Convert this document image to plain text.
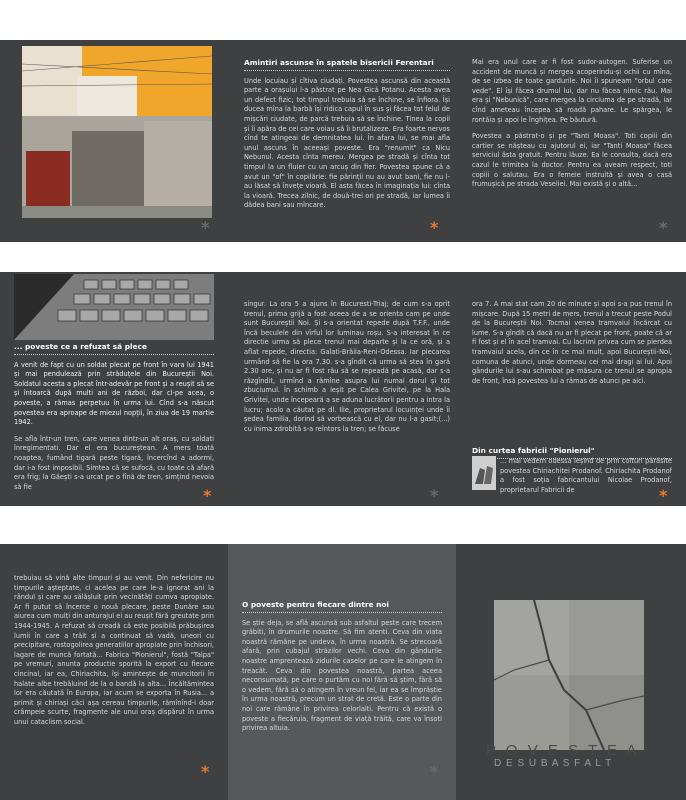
*
Amintiri ascunse în spatele bisericii Ferentari
Unde locuiau și cîtiva ciudați. Povestea ascunsă din această parte a orașului l-a păstrat pe Nea Gică Potanu. Acesta avea un defect fizic; tot timpul trebuia să se închine, se înfiora. Își ducea mîna la barbă își ridica capul în sus și făcea tot felul de mișcări ciudate, de parcă trebuia să se închine. Tinea la copii și îi apăra de cei care voiau să îi brutalizeze. Era foarte nervos cînd te atingeai de demnitatea lui. În afara lui, se mai afla unul ascuns în aceeași poveste. Era "renumit" ca Nicu Nebunul. Acesta cînta mereu. Mergea pe stradă și cînta tot timpul la un fluier cu un arcuș din fier. Povestea spune că a avut un "of" în copilărie: fie părinții nu au avut bani, fie nu l-au lăsat să învețe vioară. El asta făcea în imaginația lui: cînta la vioară. Trecea zilnic, de două-trei ori pe stradă, iar lumea îi dădea bani sau mîncare.
*

Mai era unul care ar fi fost sudor-autogen. Suferise un accident de muncă și mergea acoperindu-și ochii cu mîna, de se izbea de toate gardurile. Noi îi spuneam "orbul care vede". El își făcea drumul lui, dar nu făcea nimic rău. Mai era și "Nebunică", care mergea la circiuma de pe stradă, iar cînd ameteau începea să roadă pahare. Le spărgea, le rontăia și apoi le înghițea. Pe băutură.

Povestea a păstrat-o și pe "Tanti Moasa". Toti copiii din cartier se nășteau cu ajutorul ei, iar "Tanti Moasa" făcea serviciul ăsta gratuit. Pentru lăuze. Ea le consulta, dacă era cazul le trimitea la doctor. Pentru ea aveam respect, toti copiii o salutau. Era o femeie instruită și avea o casă frumușică pe strada Veseliei. Mai există și o altă...

*
... poveste ce a refuzat să plece

A venit de fapt cu un soldat plecat pe front în vara lui 1941 și mai pendulează prin străduțele din Bucureștii Noi. Soldatul acesta a plecat într-adevăr pe front și a reușit să se și întoarcă după multi ani de război, dar cl-pe acea, o poveste, a rămas perpetuu în urma lui. Cînd s-a născut povestea era aproape de miezul nopții, în ziua de 19 martie 1942.

Se afla într-un tren, care venea dintr-un alt oraș, cu soldati înregimentati. Dar el era bucureștean. A mers toată noaptea, fumând tigară peste tigară, încercînd a adormi, dar i-a fost imposibil. Simtea că se sufocă, cu toate că afară era frig; la Găești s-a urcat pe o fînă de tren, simțind nevoia să fie	*
singur. La ora 5 a ajuns în Bucuresti-Triaj; de cum s-a oprit trenul, prima grijă a fost aceea de a se orienta cam pe unde sunt Bucureștii Noi. Și s-a orientat repede după T.F.F., unde încă beculele din vîrful lor luminau roșu. S-a interesat în ce directie urma să plece trenul mai departe și la ce oră, și a aflat repede, directia: Galati-Brăila-Reni-Odessa. Iar plecarea urmând să fie la ora 7.30. s-a gîndit că urma să stea în gară 2.30 ore, și nu ar fi fost rău să se repeadă pe acasă, dar s-a răzgîndit, urmînd a rămîne asupra lui numai dorul și tot zbuciumul. În schimb a ieșit pe Calea Grivitei, pe la Hala Grivitei, unde începeară a se aduna lucrătorii pentru a intra la lucru; acolo a căutat pe dl. Ilie, proprietarul locuinței unde îi ședea familia, dorind să vorbească cu el, dar nu l-a gasit;(...) cu inima zdrobită s-a reîntors la tren; se făcuse
*
ora 7. A mai stat cam 20 de minute și apoi s-a pus trenul în mișcare. După 15 metri de mers, trenul a trecut peste Podul de la Bucureștii Noi. Tocmai venea tramvaiul încărcat cu lume. S-a gîndit că dacă nu ar fi plecat pe front, poate că ar fi fost și el în acel tramvai. Cu lacrimi privea cum se pierdea tramvaiul acela, din ce în ce mai mult, apoi Bucureștii-Noi, comuna de atunci, unde dormeau cei mai dragi ai lui. Apoi gândurile lui s-au schimbat pe măsura ce trenul se apropia de front, însă povestea lui a rămas de atunci pe aici.
Din curtea fabricii "Pionierul"
... mai vedem odessa ieșind de prin colturi părăsite povestea Chiriachitei Prodanof. Chiriachita Prodanof a fost soția fabricantului Nicolae Prodanof, proprietarul Fabricii de	*
trebuiau să vină alte timpuri și au venit. Din nefericire nu timpurile așteptate, ci acelea pe care le-a ignorat ani la rândul și care au sălășluit prin vecinătăți cumva apropiate. Ar fi putut să încerce o nouă plecare, peste Dunăre sau aiurea cum mulți din anturajul ei au reușit fără greutate prin 1944-1945. A refuzat să creadă că este posibilă prăbușirea lumii în care a trăit și a continuat să vadă, uneori cu precipitare, rostogolirea generatiilor apropiate prin închisori, lagare de muncă fortată... Fabrica "Pionierul", fostă "Talpa" pe vremuri, anunta productie sporită la export cu fiecare cincinal, iar ea, Chiriachita, își amintește de muncitorii în halate albe trebăluind de la o bandă la alta... Încăltămintea lor era căutată în Europa, iar acum se exporta în Rusia... a primit și chiriași căci așa cereau timpurile, rămînînd-i doar crâmpeie scurte, fragmente ale unui oraș dispărut în urma unui cataclism social.
*
O poveste pentru fiecare dintre noi
Se știe deja, se află ascunsă sub asfaltul peste care trecem grăbiti, în drumurile noastre. Să fim atenti. Ceva din viata noastră rămâne pe undeva, în urma noastră. Se strecoară afară, prin cubajul străzilor vechi. Ceva din gândurile noastre amprentează zidurile caselor pe care le atingem în treacăt. Ceva din povestea noastră, partea aceea neconsumată, pe care o purtăm cu noi fără să știm, fără să o vedem, fără să o atingem în vreun fel, iar ea se împrăștie în urma noastră, precum un strat de cretă. Este o parte din noi care rămâne în privirea celorlalti. Pentru că există o poveste a fiecăruia, fragment de viață trăită, care va însoti privirea altuia.
*
P O V E S T E A
D E S U B A S F A L T
